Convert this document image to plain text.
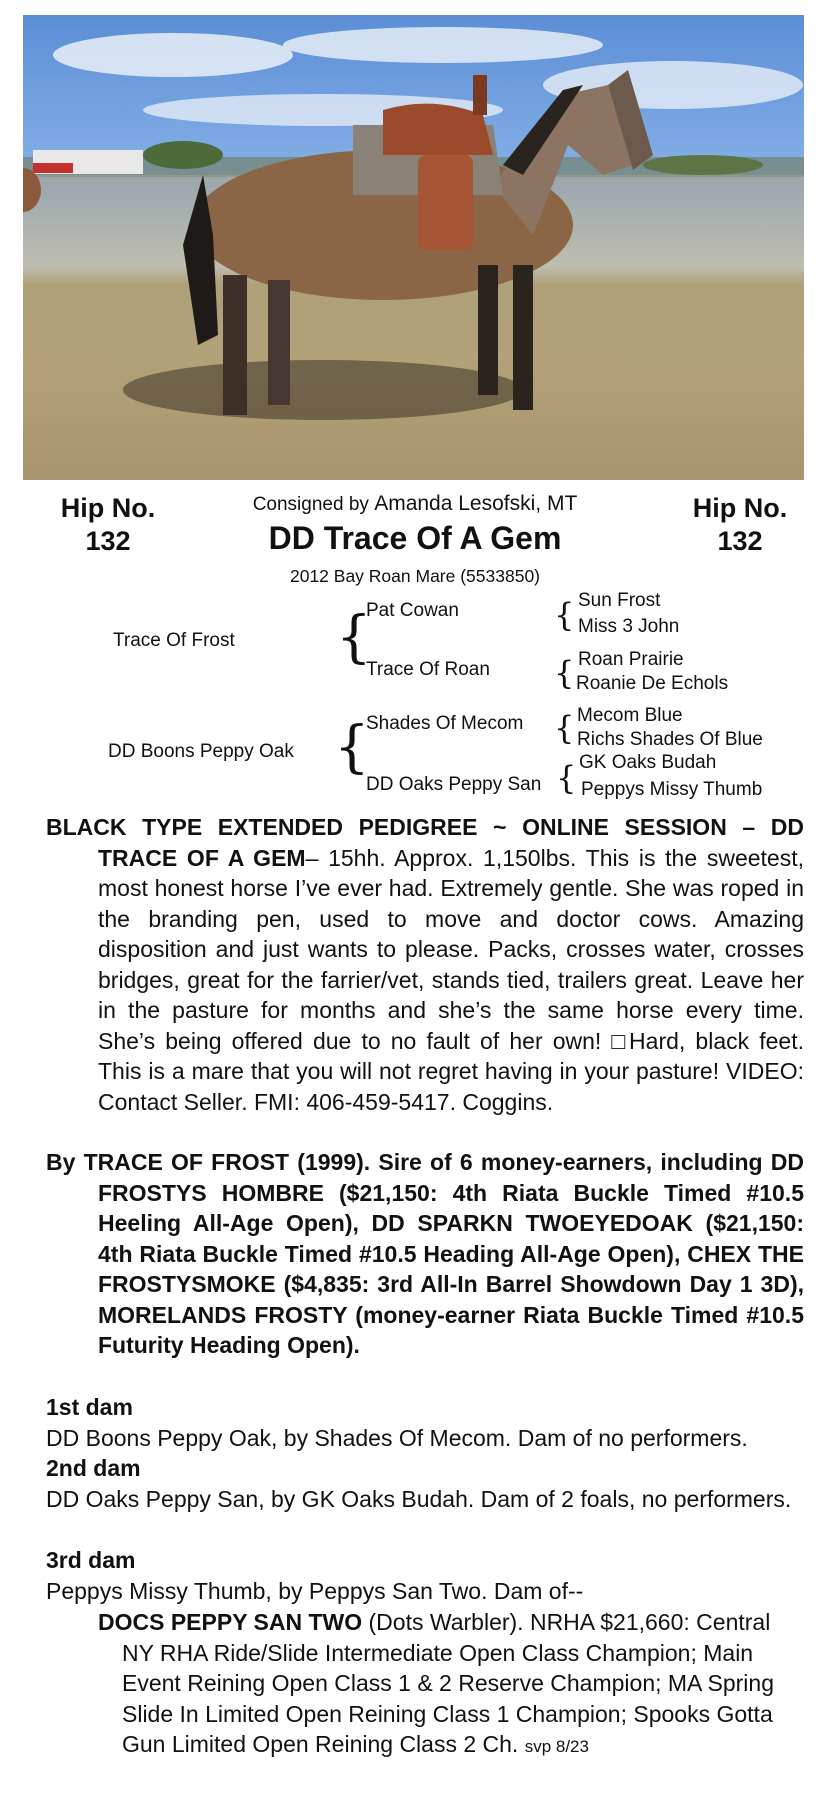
Hip No.
132
Hip No.
132
Consigned by Amanda Lesofski, MT
DD Trace Of A Gem
2012 Bay Roan Mare (5533850)
Trace Of Frost {
Pat Cowan
Trace Of Roan
{ Sun Frost
Miss 3 John
{ Roan Prairie
Roanie De Echols
DD Boons Peppy Oak {
Shades Of Mecom
DD Oaks Peppy San
{ Mecom Blue
Richs Shades Of Blue
{ GK Oaks Budah
Peppys Missy Thumb
BLACK TYPE EXTENDED PEDIGREE ~ ONLINE SESSION – DD TRACE OF A GEM– 15hh. Approx. 1,150lbs. This is the sweetest, most honest horse I’ve ever had. Extremely gentle. She was roped in the branding pen, used to move and doctor cows. Amazing disposition and just wants to please. Packs, crosses water, crosses bridges, great for the farrier/vet, stands tied, trailers great. Leave her in the pasture for months and she’s the same horse every time. She’s being offered due to no fault of her own! □Hard, black feet. This is a mare that you will not regret having in your pasture! VIDEO: Contact Seller. FMI: 406-459-5417. Coggins.
By TRACE OF FROST (1999). Sire of 6 money-earners, including DD FROSTYS HOMBRE ($21,150: 4th Riata Buckle Timed #10.5 Heeling All-Age Open), DD SPARKN TWOEYEDOAK ($21,150: 4th Riata Buckle Timed #10.5 Heading All-Age Open), CHEX THE FROSTYSMOKE ($4,835: 3rd All-In Barrel Showdown Day 1 3D), MORELANDS FROSTY (money-earner Riata Buckle Timed #10.5 Futurity Heading Open).
1st dam
DD Boons Peppy Oak, by Shades Of Mecom. Dam of no performers.
2nd dam
DD Oaks Peppy San, by GK Oaks Budah. Dam of 2 foals, no performers.
3rd dam
Peppys Missy Thumb, by Peppys San Two. Dam of--
DOCS PEPPY SAN TWO (Dots Warbler). NRHA $21,660: Central NY RHA Ride/Slide Intermediate Open Class Champion; Main Event Reining Open Class 1 & 2 Reserve Champion; MA Spring Slide In Limited Open Reining Class 1 Champion; Spooks Gotta Gun Limited Open Reining Class 2 Ch. svp 8/23
